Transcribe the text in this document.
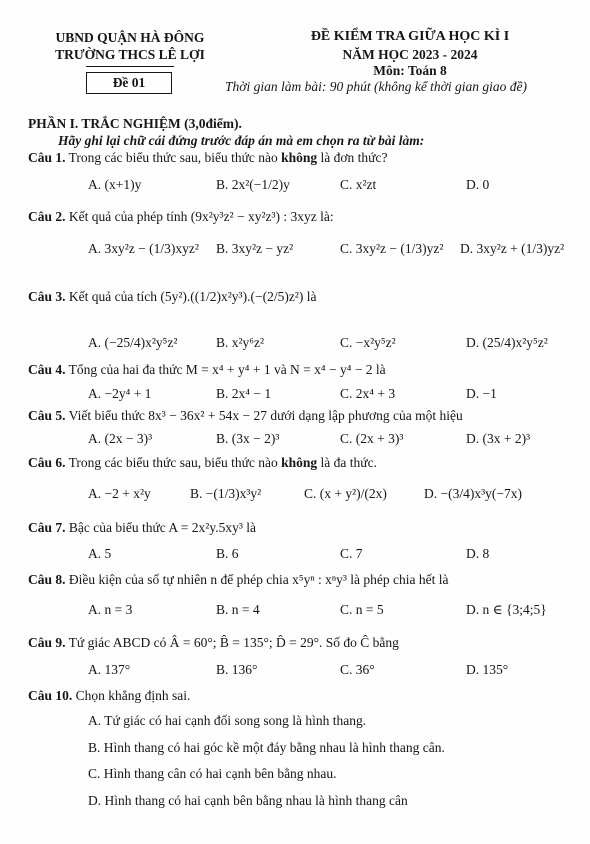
UBND QUẬN HÀ ĐÔNG
TRƯỜNG THCS LÊ LỢI
Đề 01
ĐỀ KIỂM TRA GIỮA HỌC KÌ I
NĂM HỌC 2023 - 2024
Môn: Toán 8
Thời gian làm bài: 90 phút (không kể thời gian giao đề)
PHẦN I. TRẮC NGHIỆM (3,0điểm).
Hãy ghi lại chữ cái đứng trước đáp án mà em chọn ra từ bài làm:
Câu 1. Trong các biểu thức sau, biểu thức nào không là đơn thức?
A. (x+1)y	B. 2x²(−1/2)y	C. x²zt	D. 0
Câu 2. Kết quả của phép tính (9x²y³z² − xy²z³) : 3xyz là:
A. 3xy²z − (1/3)xyz² B. 3xy²z − yz²	C. 3xy²z − (1/3)yz² D. 3xy²z + (1/3)yz²
Câu 3. Kết quả của tích (5y²).((1/2)x²y³).(−(2/5)z²) là
A. (−25/4)x²y⁵z²	B. x²y⁶z²	C. −x²y⁵z²	D. (25/4)x²y⁵z²
Câu 4. Tổng của hai đa thức M = x⁴ + y⁴ + 1 và N = x⁴ − y⁴ − 2 là
A. −2y⁴ + 1	B. 2x⁴ − 1	C. 2x⁴ + 3	D. −1
Câu 5. Viết biểu thức 8x³ − 36x² + 54x − 27 dưới dạng lập phương của một hiệu
A. (2x − 3)³	B. (3x − 2)³	C. (2x + 3)³	D. (3x + 2)³
Câu 6. Trong các biểu thức sau, biểu thức nào không là đa thức.
A. −2 + x²y	B. −(1/3)x³y²	C. (x + y²)/(2x)	D. −(3/4)x³y(−7x)
Câu 7. Bậc của biểu thức A = 2x²y.5xy³ là
A. 5	B. 6	C. 7	D. 8
Câu 8. Điều kiện của số tự nhiên n để phép chia x⁵yⁿ : xⁿy³ là phép chia hết là
A. n = 3	B. n = 4	C. n = 5	D. n ∈ {3;4;5}
Câu 9. Tứ giác ABCD có Â = 60°; B̂ = 135°; D̂ = 29°. Số đo Ĉ bằng
A. 137°	B. 136°	C. 36°	D. 135°
Câu 10. Chọn khẳng định sai.
A. Tứ giác có hai cạnh đối song song là hình thang.
B. Hình thang có hai góc kề một đáy bằng nhau là hình thang cân.
C. Hình thang cân có hai cạnh bên bằng nhau.
D. Hình thang có hai cạnh bên bằng nhau là hình thang cân
